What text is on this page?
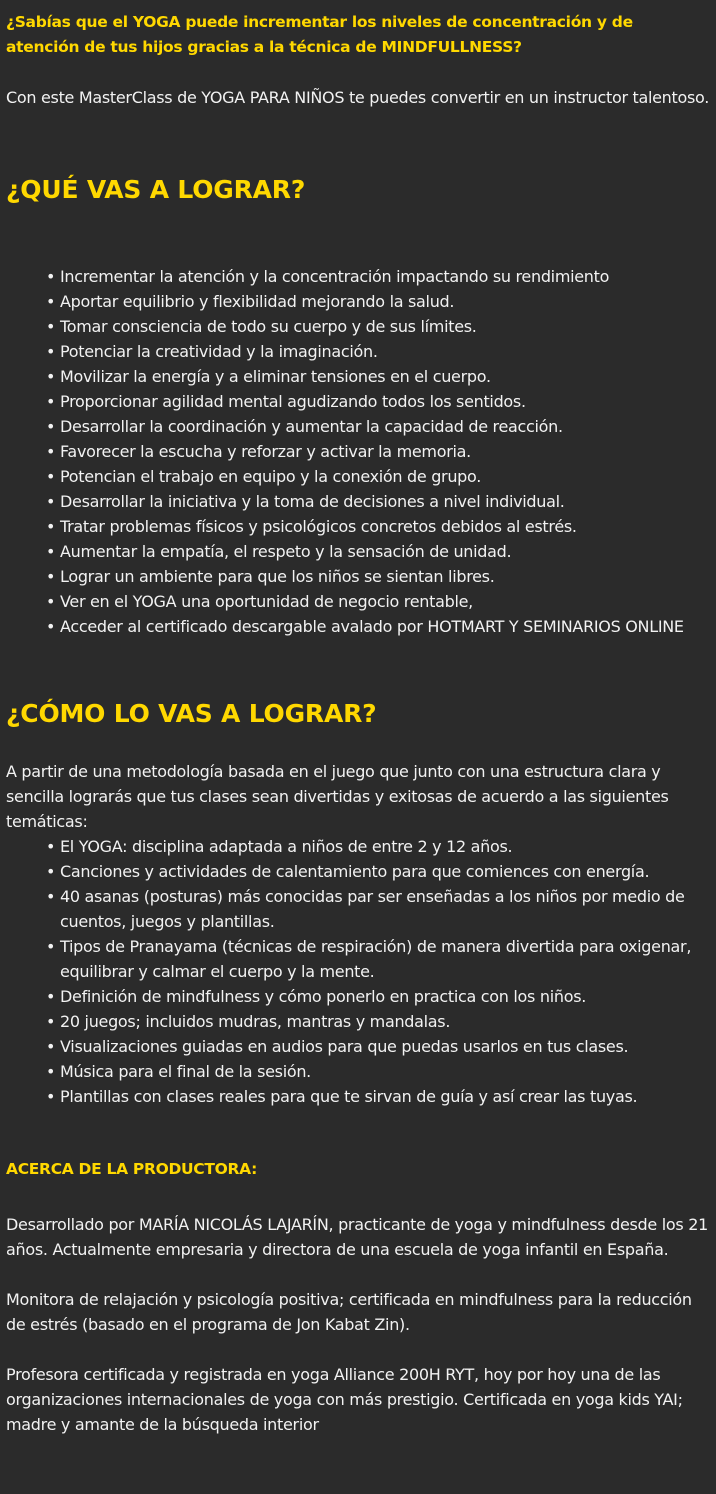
¿Sabías que el YOGA puede incrementar los niveles de concentración y de atención de tus hijos gracias a la técnica de MINDFULLNESS?

Con este MasterClass de YOGA PARA NIÑOS te puedes convertir en un instructor talentoso.

¿QUÉ VAS A LOGRAR?
• Incrementar la atención y la concentración impactando su rendimiento
• Aportar equilibrio y flexibilidad mejorando la salud.
• Tomar consciencia de todo su cuerpo y de sus límites.
• Potenciar la creatividad y la imaginación.
• Movilizar la energía y a eliminar tensiones en el cuerpo.
• Proporcionar agilidad mental agudizando todos los sentidos.
• Desarrollar la coordinación y aumentar la capacidad de reacción.
• Favorecer la escucha y reforzar y activar la memoria.
• Potencian el trabajo en equipo y la conexión de grupo.
• Desarrollar la iniciativa y la toma de decisiones a nivel individual.
• Tratar problemas físicos y psicológicos concretos debidos al estrés.
• Aumentar la empatía, el respeto y la sensación de unidad.
• Lograr un ambiente para que los niños se sientan libres.
• Ver en el YOGA una oportunidad de negocio rentable,
• Acceder al certificado descargable avalado por HOTMART Y SEMINARIOS ONLINE
¿CÓMO LO VAS A LOGRAR?

A partir de una metodología basada en el juego que junto con una estructura clara y sencilla lograrás que tus clases sean divertidas y exitosas de acuerdo a las siguientes temáticas:

• El YOGA: disciplina adaptada a niños de entre 2 y 12 años.
• Canciones y actividades de calentamiento para que comiences con energía.
• 40 asanas (posturas) más conocidas par ser enseñadas a los niños por medio de cuentos, juegos y plantillas.
• Tipos de Pranayama (técnicas de respiración) de manera divertida para oxigenar, equilibrar y calmar el cuerpo y la mente.
• Definición de mindfulness y cómo ponerlo en practica con los niños.
• 20 juegos; incluidos mudras, mantras y mandalas.
• Visualizaciones guiadas en audios para que puedas usarlos en tus clases.
• Música para el final de la sesión.
• Plantillas con clases reales para que te sirvan de guía y así crear las tuyas.

ACERCA DE LA PRODUCTORA:

Desarrollado por MARÍA NICOLÁS LAJARÍN, practicante de yoga y mindfulness desde los 21 años. Actualmente empresaria y directora de una escuela de yoga infantil en España.

Monitora de relajación y psicología positiva; certificada en mindfulness para la reducción de estrés (basado en el programa de Jon Kabat Zin).

Profesora certificada y registrada en yoga Alliance 200H RYT, hoy por hoy una de las organizaciones internacionales de yoga con más prestigio. Certificada en yoga kids YAI; madre y amante de la búsqueda interior
